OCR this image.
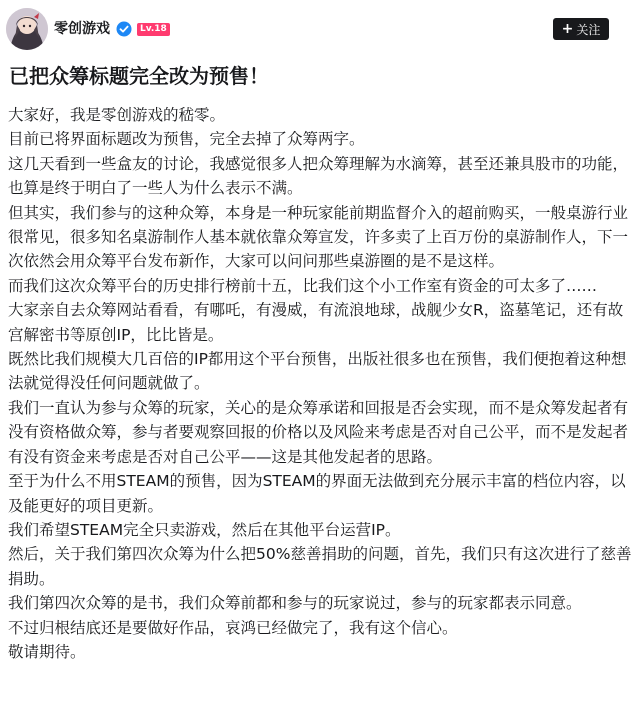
零创游戏	Lv.18	+ 关注
已把众筹标题完全改为预售！

大家好，我是零创游戏的嵇零。

目前已将界面标题改为预售，完全去掉了众筹两字。

这几天看到一些盒友的讨论，我感觉很多人把众筹理解为水滴筹，甚至还兼具股市的功能，也算是终于明白了一些人为什么表示不满。

但其实，我们参与的这种众筹，本身是一种玩家能前期监督介入的超前购买，一般桌游行业很常见，很多知名桌游制作人基本就依靠众筹宣发，许多卖了上百万份的桌游制作人，下一次依然会用众筹平台发布新作，大家可以问问那些桌游圈的是不是这样。

而我们这次众筹平台的历史排行榜前十五，比我们这个小工作室有资金的可太多了……

大家亲自去众筹网站看看，有哪吒，有漫威，有流浪地球，战舰少女R，盗墓笔记，还有故宫解密书等原创IP，比比皆是。

既然比我们规模大几百倍的IP都用这个平台预售，出版社很多也在预售，我们便抱着这种想法就觉得没任何问题就做了。

我们一直认为参与众筹的玩家，关心的是众筹承诺和回报是否会实现，而不是众筹发起者有没有资格做众筹，参与者要观察回报的价格以及风险来考虑是否对自己公平，而不是发起者有没有资金来考虑是否对自己公平——这是其他发起者的思路。

至于为什么不用STEAM的预售，因为STEAM的界面无法做到充分展示丰富的档位内容，以及能更好的项目更新。

我们希望STEAM完全只卖游戏，然后在其他平台运营IP。

然后，关于我们第四次众筹为什么把50%慈善捐助的问题，首先，我们只有这次进行了慈善捐助。

我们第四次众筹的是书，我们众筹前都和参与的玩家说过，参与的玩家都表示同意。

不过归根结底还是要做好作品，哀鸿已经做完了，我有这个信心。

敬请期待。
